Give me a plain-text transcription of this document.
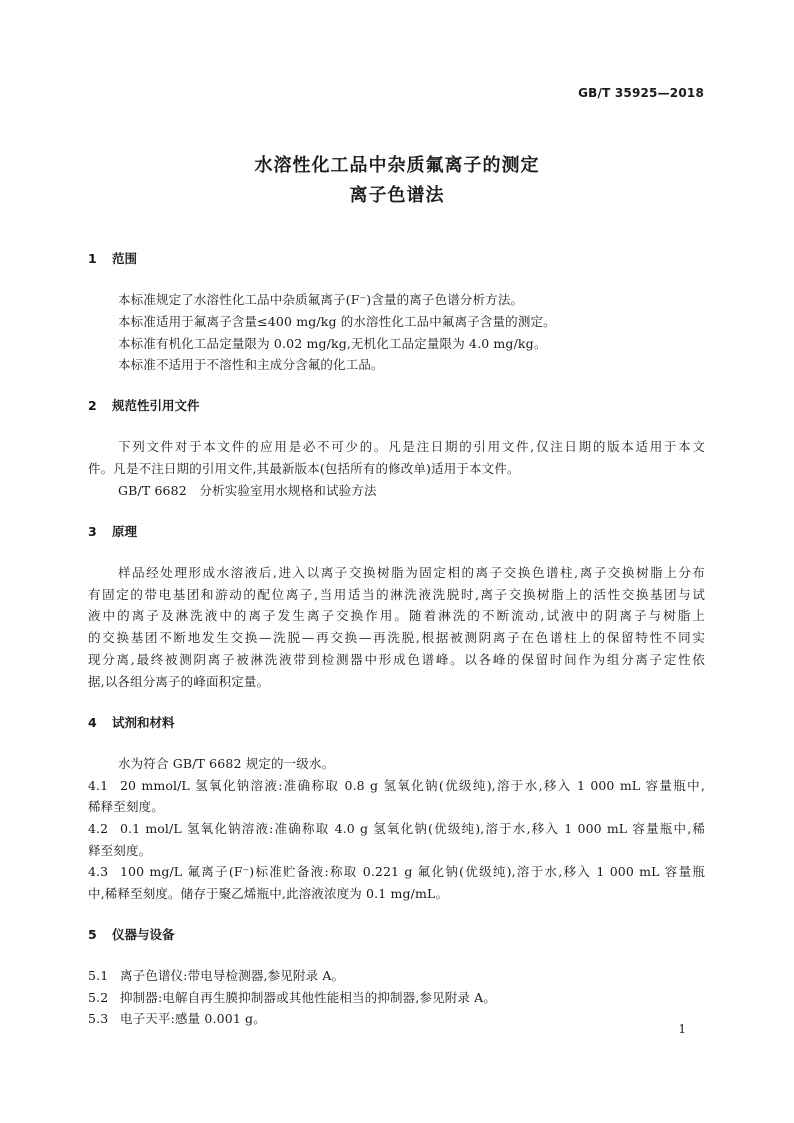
GB/T 35925—2018
水溶性化工品中杂质氟离子的测定
离子色谱法
1 范围
本标准规定了水溶性化工品中杂质氟离子(F⁻)含量的离子色谱分析方法。
本标准适用于氟离子含量≤400 mg/kg 的水溶性化工品中氟离子含量的测定。
本标准有机化工品定量限为 0.02 mg/kg,无机化工品定量限为 4.0 mg/kg。
本标准不适用于不溶性和主成分含氟的化工品。
2 规范性引用文件
下列文件对于本文件的应用是必不可少的。凡是注日期的引用文件,仅注日期的版本适用于本文
件。凡是不注日期的引用文件,其最新版本(包括所有的修改单)适用于本文件。
GB/T 6682　分析实验室用水规格和试验方法
3 原理
样品经处理形成水溶液后,进入以离子交换树脂为固定相的离子交换色谱柱,离子交换树脂上分布
有固定的带电基团和游动的配位离子,当用适当的淋洗液洗脱时,离子交换树脂上的活性交换基团与试
液中的离子及淋洗液中的离子发生离子交换作用。随着淋洗的不断流动,试液中的阴离子与树脂上
的交换基团不断地发生交换—洗脱—再交换—再洗脱,根据被测阴离子在色谱柱上的保留特性不同实
现分离,最终被测阴离子被淋洗液带到检测器中形成色谱峰。以各峰的保留时间作为组分离子定性依
据,以各组分离子的峰面积定量。
4 试剂和材料
水为符合 GB/T 6682 规定的一级水。
4.1 20 mmol/L 氢氧化钠溶液:准确称取 0.8 g 氢氧化钠(优级纯),溶于水,移入 1 000 mL 容量瓶中,
稀释至刻度。
4.2 0.1 mol/L 氢氧化钠溶液:准确称取 4.0 g 氢氧化钠(优级纯),溶于水,移入 1 000 mL 容量瓶中,稀
释至刻度。
4.3 100 mg/L 氟离子(F⁻)标准贮备液:称取 0.221 g 氟化钠(优级纯),溶于水,移入 1 000 mL 容量瓶
中,稀释至刻度。储存于聚乙烯瓶中,此溶液浓度为 0.1 mg/mL。
5 仪器与设备
5.1 离子色谱仪:带电导检测器,参见附录 A。
5.2 抑制器:电解自再生膜抑制器或其他性能相当的抑制器,参见附录 A。
5.3 电子天平:感量 0.001 g。
1
